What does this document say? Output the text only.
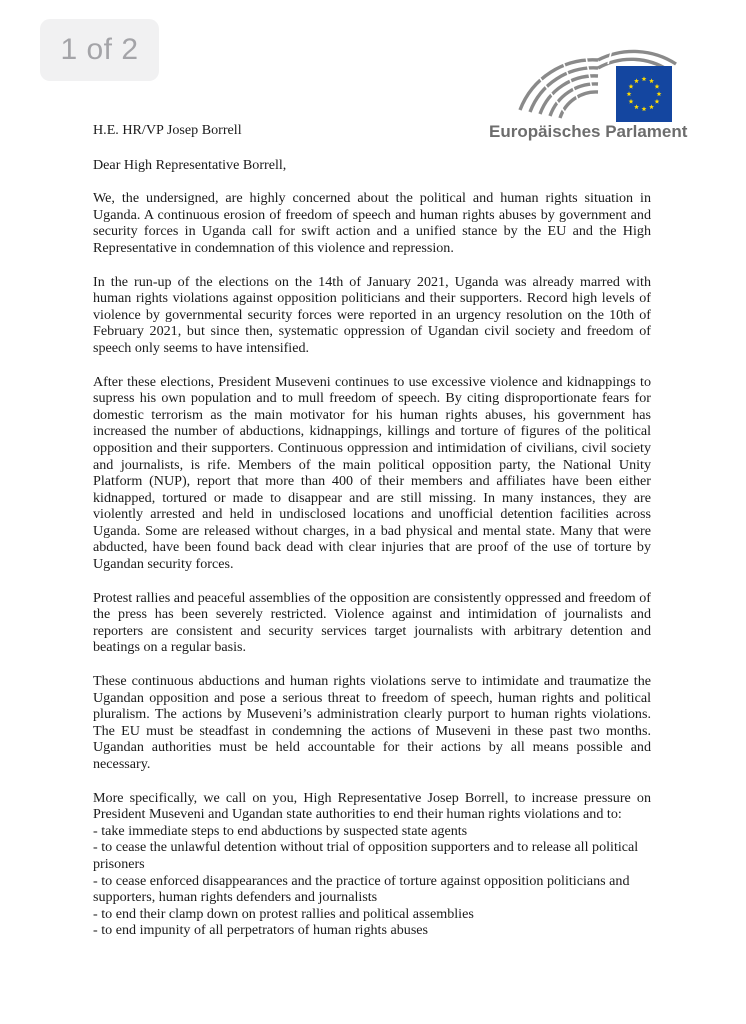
1 of 2
Europäisches Parlament

H.E. HR/VP Josep Borrell

Dear High Representative Borrell,

We, the undersigned, are highly concerned about the political and human rights situation in Uganda. A continuous erosion of freedom of speech and human rights abuses by government and security forces in Uganda call for swift action and a unified stance by the EU and the High Representative in condemnation of this violence and repression.

In the run-up of the elections on the 14th of January 2021, Uganda was already marred with human rights violations against opposition politicians and their supporters. Record high levels of violence by governmental security forces were reported in an urgency resolution on the 10th of February 2021, but since then, systematic oppression of Ugandan civil society and freedom of speech only seems to have intensified.

After these elections, President Museveni continues to use excessive violence and kidnappings to supress his own population and to mull freedom of speech. By citing disproportionate fears for domestic terrorism as the main motivator for his human rights abuses, his government has increased the number of abductions, kidnappings, killings and torture of figures of the political opposition and their supporters. Continuous oppression and intimidation of civilians, civil society and journalists, is rife. Members of the main political opposition party, the National Unity Platform (NUP), report that more than 400 of their members and affiliates have been either kidnapped, tortured or made to disappear and are still missing. In many instances, they are violently arrested and held in undisclosed locations and unofficial detention facilities across Uganda. Some are released without charges, in a bad physical and mental state. Many that were abducted, have been found back dead with clear injuries that are proof of the use of torture by Ugandan security forces.

Protest rallies and peaceful assemblies of the opposition are consistently oppressed and freedom of the press has been severely restricted. Violence against and intimidation of journalists and reporters are consistent and security services target journalists with arbitrary detention and beatings on a regular basis.

These continuous abductions and human rights violations serve to intimidate and traumatize the Ugandan opposition and pose a serious threat to freedom of speech, human rights and political pluralism. The actions by Museveni’s administration clearly purport to human rights violations. The EU must be steadfast in condemning the actions of Museveni in these past two months. Ugandan authorities must be held accountable for their actions by all means possible and necessary.

More specifically, we call on you, High Representative Josep Borrell, to increase pressure on President Museveni and Ugandan state authorities to end their human rights violations and to:

- take immediate steps to end abductions by suspected state agents
- to cease the unlawful detention without trial of opposition supporters and to release all political prisoners
- to cease enforced disappearances and the practice of torture against opposition politicians and supporters, human rights defenders and journalists
- to end their clamp down on protest rallies and political assemblies
- to end impunity of all perpetrators of human rights abuses
